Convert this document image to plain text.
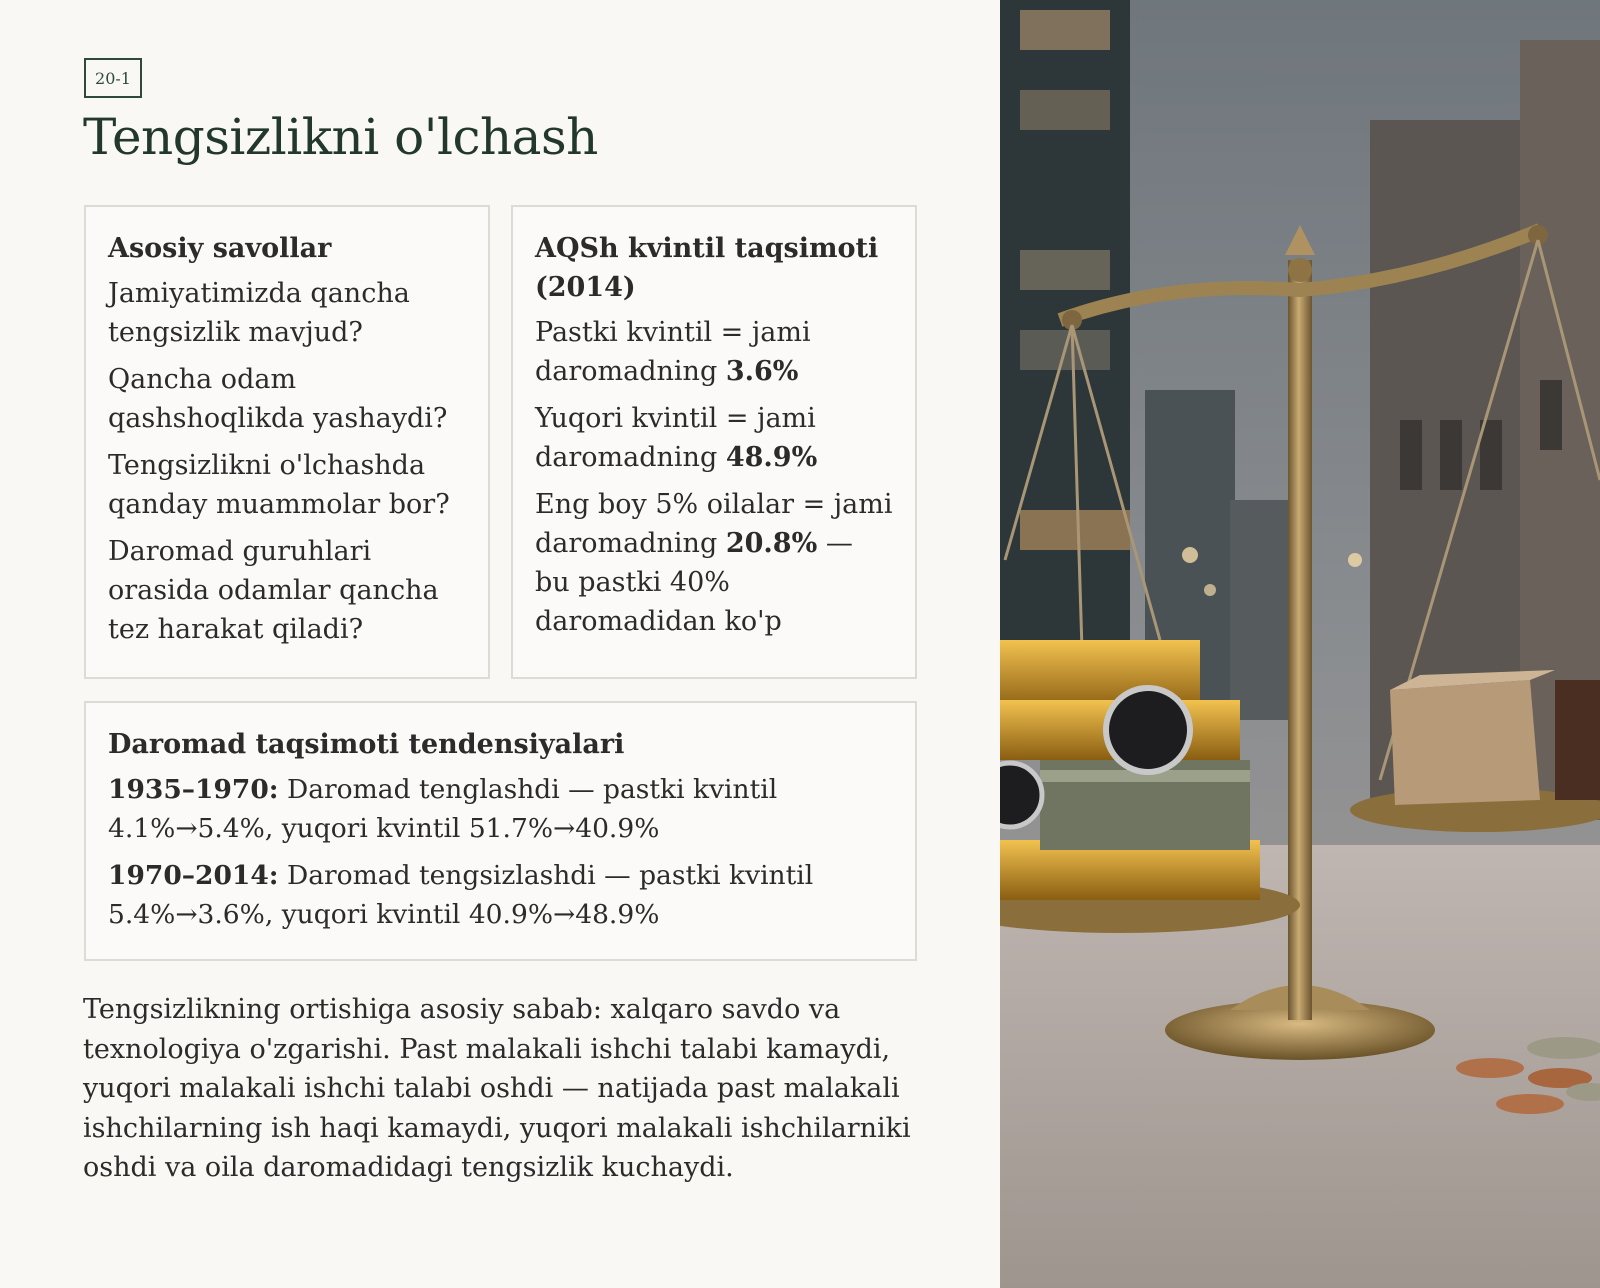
20-1
Tengsizlikni o'lchash
Asosiy savollar

Jamiyatimizda qancha tengsizlik mavjud?

Qancha odam qashshoqlikda yashaydi?

Tengsizlikni o'lchashda qanday muammolar bor?

Daromad guruhlari orasida odamlar qancha tez harakat qiladi?

AQSh kvintil taqsimoti (2014)

Pastki kvintil = jami daromadning 3.6%

Yuqori kvintil = jami daromadning 48.9%

Eng boy 5% oilalar = jami daromadning 20.8% — bu pastki 40% daromadidan ko'p

Daromad taqsimoti tendensiyalari

1935–1970: Daromad tenglashdi — pastki kvintil 4.1%→5.4%, yuqori kvintil 51.7%→40.9%

1970–2014: Daromad tengsizlashdi — pastki kvintil 5.4%→3.6%, yuqori kvintil 40.9%→48.9%

Tengsizlikning ortishiga asosiy sabab: xalqaro savdo va texnologiya o'zgarishi. Past malakali ishchi talabi kamaydi, yuqori malakali ishchi talabi oshdi — natijada past malakali ishchilarning ish haqi kamaydi, yuqori malakali ishchilarniki oshdi va oila daromadidagi tengsizlik kuchaydi.
